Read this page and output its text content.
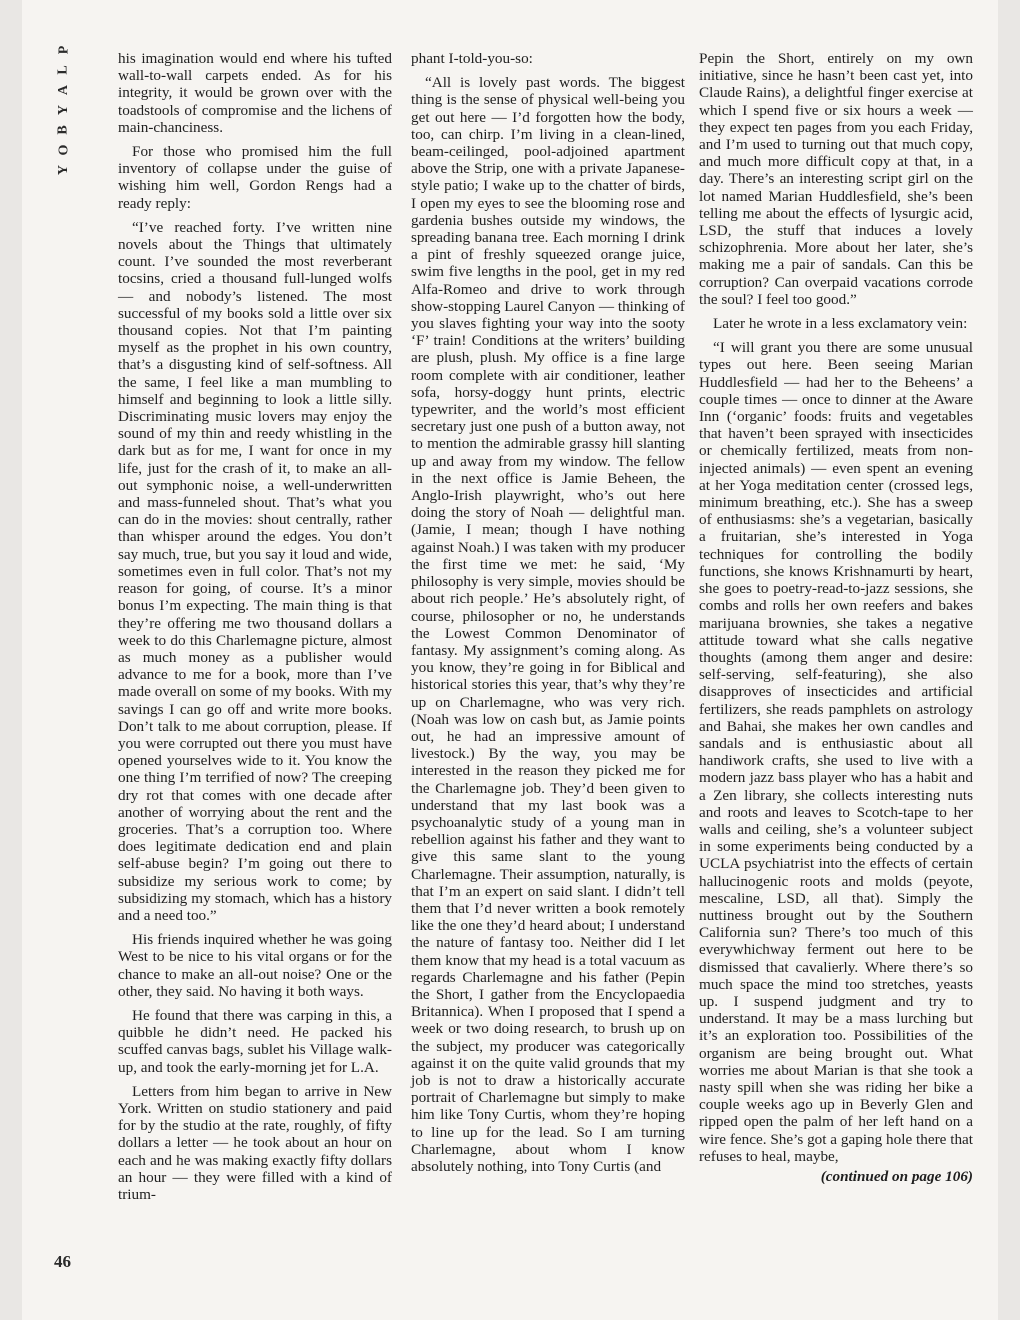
P
L
A
Y
B
O
Y

his imagination would end where his tufted wall-to-wall carpets ended. As for his integrity, it would be grown over with the toadstools of compromise and the lichens of main-chanciness.

For those who promised him the full inventory of collapse under the guise of wishing him well, Gordon Rengs had a ready reply:

“I’ve reached forty. I’ve written nine novels about the Things that ultimately count. I’ve sounded the most reverberant tocsins, cried a thousand full-lunged wolfs — and nobody’s listened. The most successful of my books sold a little over six thousand copies. Not that I’m painting myself as the prophet in his own country, that’s a disgusting kind of self-softness. All the same, I feel like a man mumbling to himself and beginning to look a little silly. Discriminating music lovers may enjoy the sound of my thin and reedy whistling in the dark but as for me, I want for once in my life, just for the crash of it, to make an all-out symphonic noise, a well-underwritten and mass-funneled shout. That’s what you can do in the movies: shout centrally, rather than whisper around the edges. You don’t say much, true, but you say it loud and wide, sometimes even in full color. That’s not my reason for going, of course. It’s a minor bonus I’m expecting. The main thing is that they’re offering me two thousand dollars a week to do this Charlemagne picture, almost as much money as a publisher would advance to me for a book, more than I’ve made overall on some of my books. With my savings I can go off and write more books. Don’t talk to me about corruption, please. If you were corrupted out there you must have opened yourselves wide to it. You know the one thing I’m terrified of now? The creeping dry rot that comes with one decade after another of worrying about the rent and the groceries. That’s a corruption too. Where does legitimate dedication end and plain self-abuse begin? I’m going out there to subsidize my serious work to come; by subsidizing my stomach, which has a history and a need too.”

His friends inquired whether he was going West to be nice to his vital organs or for the chance to make an all-out noise? One or the other, they said. No having it both ways.

He found that there was carping in this, a quibble he didn’t need. He packed his scuffed canvas bags, sublet his Village walk-up, and took the early-morning jet for L.A.

Letters from him began to arrive in New York. Written on studio stationery and paid for by the studio at the rate, roughly, of fifty dollars a letter — he took about an hour on each and he was making exactly fifty dollars an hour — they were filled with a kind of trium-

phant I-told-you-so:

“All is lovely past words. The biggest thing is the sense of physical well-being you get out here — I’d forgotten how the body, too, can chirp. I’m living in a clean-lined, beam-ceilinged, pool-adjoined apartment above the Strip, one with a private Japanese-style patio; I wake up to the chatter of birds, I open my eyes to see the blooming rose and gardenia bushes outside my windows, the spreading banana tree. Each morning I drink a pint of freshly squeezed orange juice, swim five lengths in the pool, get in my red Alfa-Romeo and drive to work through show-stopping Laurel Canyon — thinking of you slaves fighting your way into the sooty ‘F’ train! Conditions at the writers’ building are plush, plush. My office is a fine large room complete with air conditioner, leather sofa, horsy-doggy hunt prints, electric typewriter, and the world’s most efficient secretary just one push of a button away, not to mention the admirable grassy hill slanting up and away from my window. The fellow in the next office is Jamie Beheen, the Anglo-Irish playwright, who’s out here doing the story of Noah — delightful man. (Jamie, I mean; though I have nothing against Noah.) I was taken with my producer the first time we met: he said, ‘My philosophy is very simple, movies should be about rich people.’ He’s absolutely right, of course, philosopher or no, he understands the Lowest Common Denominator of fantasy. My assignment’s coming along. As you know, they’re going in for Biblical and historical stories this year, that’s why they’re up on Charlemagne, who was very rich. (Noah was low on cash but, as Jamie points out, he had an impressive amount of livestock.) By the way, you may be interested in the reason they picked me for the Charlemagne job. They’d been given to understand that my last book was a psychoanalytic study of a young man in rebellion against his father and they want to give this same slant to the young Charlemagne. Their assumption, naturally, is that I’m an expert on said slant. I didn’t tell them that I’d never written a book remotely like the one they’d heard about; I understand the nature of fantasy too. Neither did I let them know that my head is a total vacuum as regards Charlemagne and his father (Pepin the Short, I gather from the Encyclopaedia Britannica). When I proposed that I spend a week or two doing research, to brush up on the subject, my producer was categorically against it on the quite valid grounds that my job is not to draw a historically accurate portrait of Charlemagne but simply to make him like Tony Curtis, whom they’re hoping to line up for the lead. So I am turning Charlemagne, about whom I know absolutely nothing, into Tony Curtis (and

Pepin the Short, entirely on my own initiative, since he hasn’t been cast yet, into Claude Rains), a delightful finger exercise at which I spend five or six hours a week — they expect ten pages from you each Friday, and I’m used to turning out that much copy, and much more difficult copy at that, in a day. There’s an interesting script girl on the lot named Marian Huddlesfield, she’s been telling me about the effects of lysurgic acid, LSD, the stuff that induces a lovely schizophrenia. More about her later, she’s making me a pair of sandals. Can this be corruption? Can overpaid vacations corrode the soul? I feel too good.”

Later he wrote in a less exclamatory vein:

“I will grant you there are some unusual types out here. Been seeing Marian Huddlesfield — had her to the Beheens’ a couple times — once to dinner at the Aware Inn (‘organic’ foods: fruits and vegetables that haven’t been sprayed with insecticides or chemically fertilized, meats from non-injected animals) — even spent an evening at her Yoga meditation center (crossed legs, minimum breathing, etc.). She has a sweep of enthusiasms: she’s a vegetarian, basically a fruitarian, she’s interested in Yoga techniques for controlling the bodily functions, she knows Krishnamurti by heart, she goes to poetry-read-to-jazz sessions, she combs and rolls her own reefers and bakes marijuana brownies, she takes a negative attitude toward what she calls negative thoughts (among them anger and desire: self-serving, self-featuring), she also disapproves of insecticides and artificial fertilizers, she reads pamphlets on astrology and Bahai, she makes her own candles and sandals and is enthusiastic about all handiwork crafts, she used to live with a modern jazz bass player who has a habit and a Zen library, she collects interesting nuts and roots and leaves to Scotch-tape to her walls and ceiling, she’s a volunteer subject in some experiments being conducted by a UCLA psychiatrist into the effects of certain hallucinogenic roots and molds (peyote, mescaline, LSD, all that). Simply the nuttiness brought out by the Southern California sun? There’s too much of this everywhichway ferment out here to be dismissed that cavalierly. Where there’s so much space the mind too stretches, yeasts up. I suspend judgment and try to understand. It may be a mass lurching but it’s an exploration too. Possibilities of the organism are being brought out. What worries me about Marian is that she took a nasty spill when she was riding her bike a couple weeks ago up in Beverly Glen and ripped open the palm of her left hand on a wire fence. She’s got a gaping hole there that refuses to heal, maybe,

(continued on page 106)
46
